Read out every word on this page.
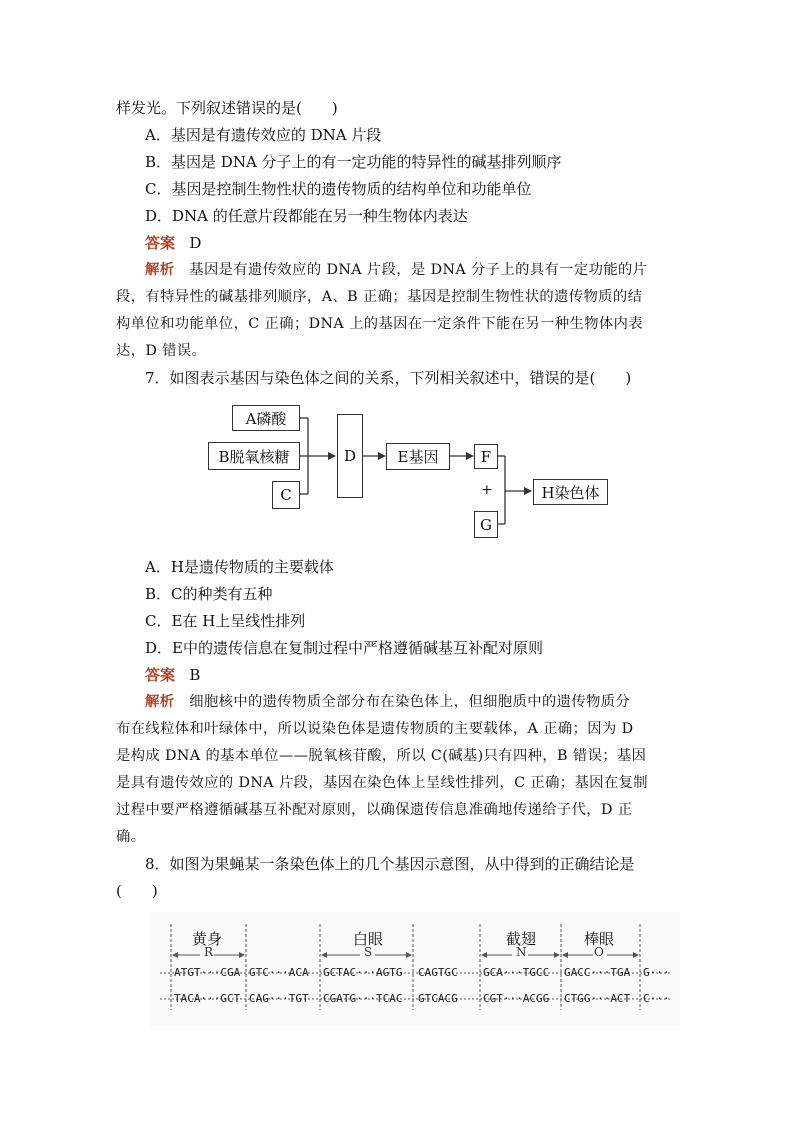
样发光。下列叙述错误的是(　　)
A．基因是有遗传效应的 DNA 片段
B．基因是 DNA 分子上的有一定功能的特异性的碱基排列顺序
C．基因是控制生物性状的遗传物质的结构单位和功能单位
D．DNA 的任意片段都能在另一种生物体内表达
答案 D
解析 基因是有遗传效应的 DNA 片段，是 DNA 分子上的具有一定功能的片
段，有特异性的碱基排列顺序，A、B 正确；基因是控制生物性状的遗传物质的结
构单位和功能单位，C 正确；DNA 上的基因在一定条件下能在另一种生物体内表
达，D 错误。
7．如图表示基因与染色体之间的关系，下列相关叙述中，错误的是(　　)
A磷酸
B脱氧核糖
C
D	E基因	F
+
G
H染色体
A．H是遗传物质的主要载体
B．C的种类有五种
C．E在 H上呈线性排列
D．E中的遗传信息在复制过程中严格遵循碱基互补配对原则
答案 B
解析 细胞核中的遗传物质全部分布在染色体上，但细胞质中的遗传物质分
布在线粒体和叶绿体中，所以说染色体是遗传物质的主要载体，A 正确；因为 D
是构成 DNA 的基本单位——脱氧核苷酸，所以 C(碱基)只有四种，B 错误；基因
是具有遗传效应的 DNA 片段，基因在染色体上呈线性排列，C 正确；基因在复制
过程中要严格遵循碱基互补配对原则，以确保遗传信息准确地传递给子代，D 正
确。
8．如图为果蝇某一条染色体上的几个基因示意图，从中得到的正确结论是
(　　)
黄身
R
白眼
S
截翅
N
棒眼
O
ATGT···CGA GTC···ACA GCTAC···AGTG CAGTGC GCA···TGCC GACC···TGA G···
TACA···GCT CAG···TGT CGATG···TCAC GTCACG CGT···ACGG CTGG···ACT C···
